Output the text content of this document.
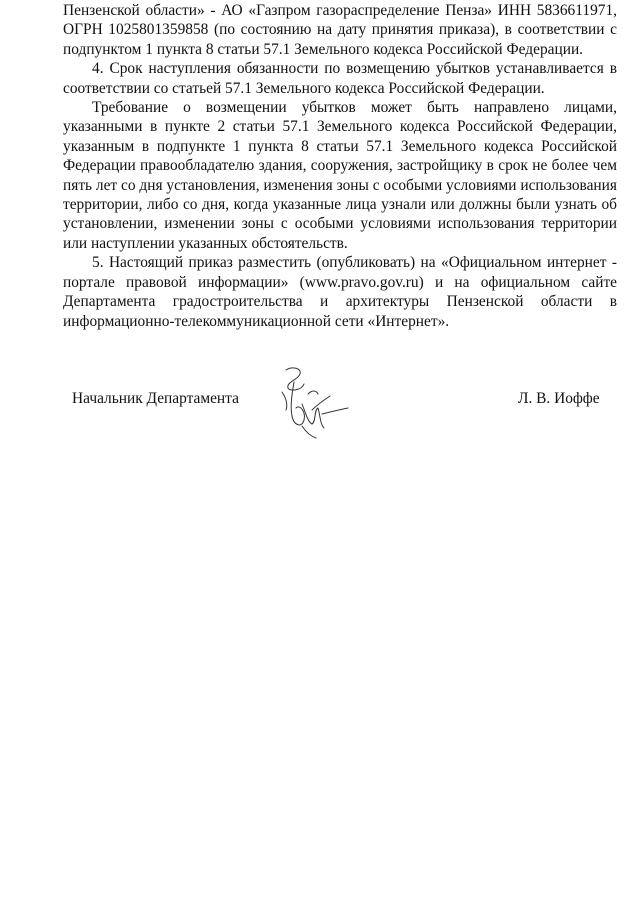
Пензенской области» - АО «Газпром газораспределение Пенза» ИНН 5836611971, ОГРН 1025801359858 (по состоянию на дату принятия приказа), в соответствии с подпунктом 1 пункта 8 статьи 57.1 Земельного кодекса Российской Федерации.

4. Срок наступления обязанности по возмещению убытков устанавливается в соответствии со статьей 57.1 Земельного кодекса Российской Федерации.

Требование о возмещении убытков может быть направлено лицами, указанными в пункте 2 статьи 57.1 Земельного кодекса Российской Федерации, указанным в подпункте 1 пункта 8 статьи 57.1 Земельного кодекса Российской Федерации правообладателю здания, сооружения, застройщику в срок не более чем пять лет со дня установления, изменения зоны с особыми условиями использования территории, либо со дня, когда указанные лица узнали или должны были узнать об установлении, изменении зоны с особыми условиями использования территории или наступлении указанных обстоятельств.

5. Настоящий приказ разместить (опубликовать) на «Официальном интернет - портале правовой информации» (www.pravo.gov.ru) и на официальном сайте Департамента градостроительства и архитектуры Пензенской области в информационно-телекоммуникационной сети «Интернет».

Начальник Департамента	Л. В. Иоффе
